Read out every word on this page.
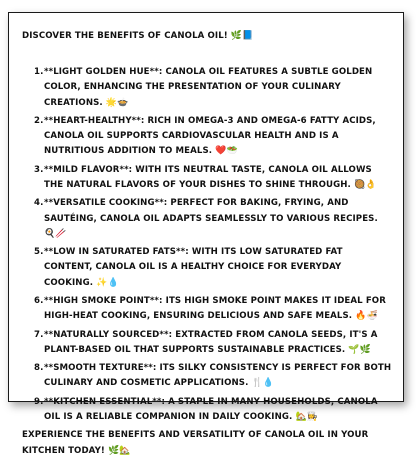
DISCOVER THE BENEFITS OF CANOLA OIL! 🌿📘
1. **LIGHT GOLDEN HUE**: CANOLA OIL FEATURES A SUBTLE GOLDEN COLOR, ENHANCING THE PRESENTATION OF YOUR CULINARY CREATIONS. 🌟🍲
2. **HEART-HEALTHY**: RICH IN OMEGA-3 AND OMEGA-6 FATTY ACIDS, CANOLA OIL SUPPORTS CARDIOVASCULAR HEALTH AND IS A NUTRITIOUS ADDITION TO MEALS. ❤️🥗
3. **MILD FLAVOR**: WITH ITS NEUTRAL TASTE, CANOLA OIL ALLOWS THE NATURAL FLAVORS OF YOUR DISHES TO SHINE THROUGH. 🥘👌
4. **VERSATILE COOKING**: PERFECT FOR BAKING, FRYING, AND SAUTÉING, CANOLA OIL ADAPTS SEAMLESSLY TO VARIOUS RECIPES. 🍳🥢
5. **LOW IN SATURATED FATS**: WITH ITS LOW SATURATED FAT CONTENT, CANOLA OIL IS A HEALTHY CHOICE FOR EVERYDAY COOKING. ✨💧
6. **HIGH SMOKE POINT**: ITS HIGH SMOKE POINT MAKES IT IDEAL FOR HIGH-HEAT COOKING, ENSURING DELICIOUS AND SAFE MEALS. 🔥🍜
7. **NATURALLY SOURCED**: EXTRACTED FROM CANOLA SEEDS, IT'S A PLANT-BASED OIL THAT SUPPORTS SUSTAINABLE PRACTICES. 🌱🌿
8. **SMOOTH TEXTURE**: ITS SILKY CONSISTENCY IS PERFECT FOR BOTH CULINARY AND COSMETIC APPLICATIONS. 🍴💧
9. **KITCHEN ESSENTIAL**: A STAPLE IN MANY HOUSEHOLDS, CANOLA OIL IS A RELIABLE COMPANION IN DAILY COOKING. 🏡👩‍🍳
EXPERIENCE THE BENEFITS AND VERSATILITY OF CANOLA OIL IN YOUR KITCHEN TODAY! 🌿🏡
